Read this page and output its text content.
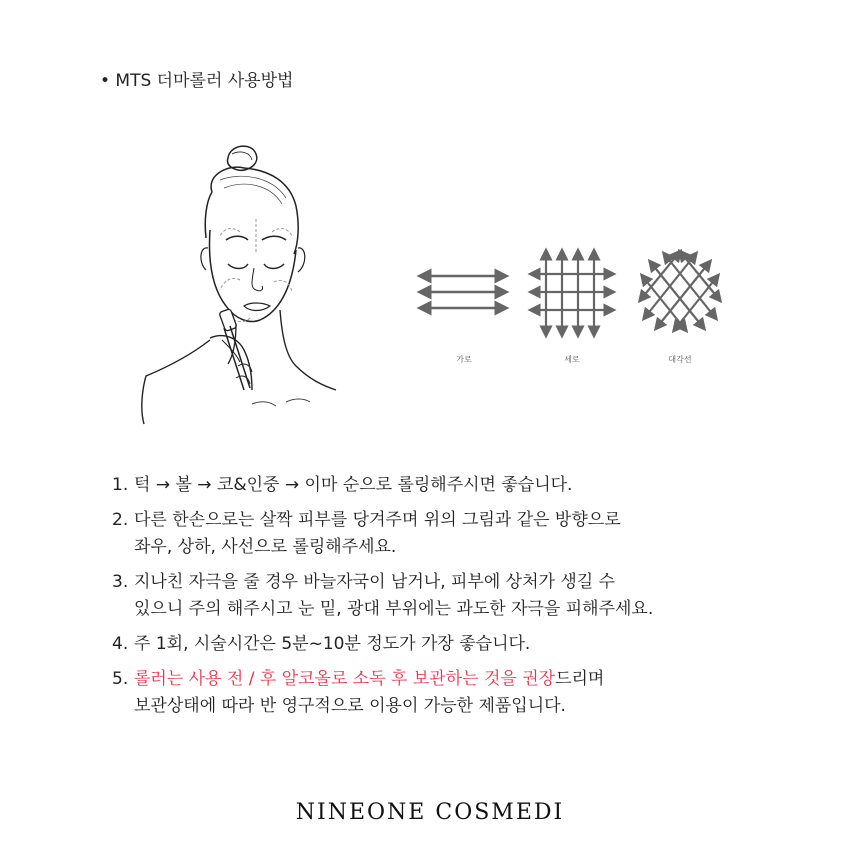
• MTS 더마롤러 사용방법
가로	세로	대각선
1. 턱 → 볼 → 코&인중 → 이마 순으로 롤링해주시면 좋습니다.
2. 다른 한손으로는 살짝 피부를 당겨주며 위의 그림과 같은 방향으로
좌우, 상하, 사선으로 롤링해주세요.
3. 지나친 자극을 줄 경우 바늘자국이 남거나, 피부에 상처가 생길 수
있으니 주의 해주시고 눈 밑, 광대 부위에는 과도한 자극을 피해주세요.
4. 주 1회, 시술시간은 5분~10분 정도가 가장 좋습니다.
5. 롤러는 사용 전 / 후 알코올로 소독 후 보관하는 것을 권장드리며
보관상태에 따라 반 영구적으로 이용이 가능한 제품입니다.
NINEONE COSMEDI
